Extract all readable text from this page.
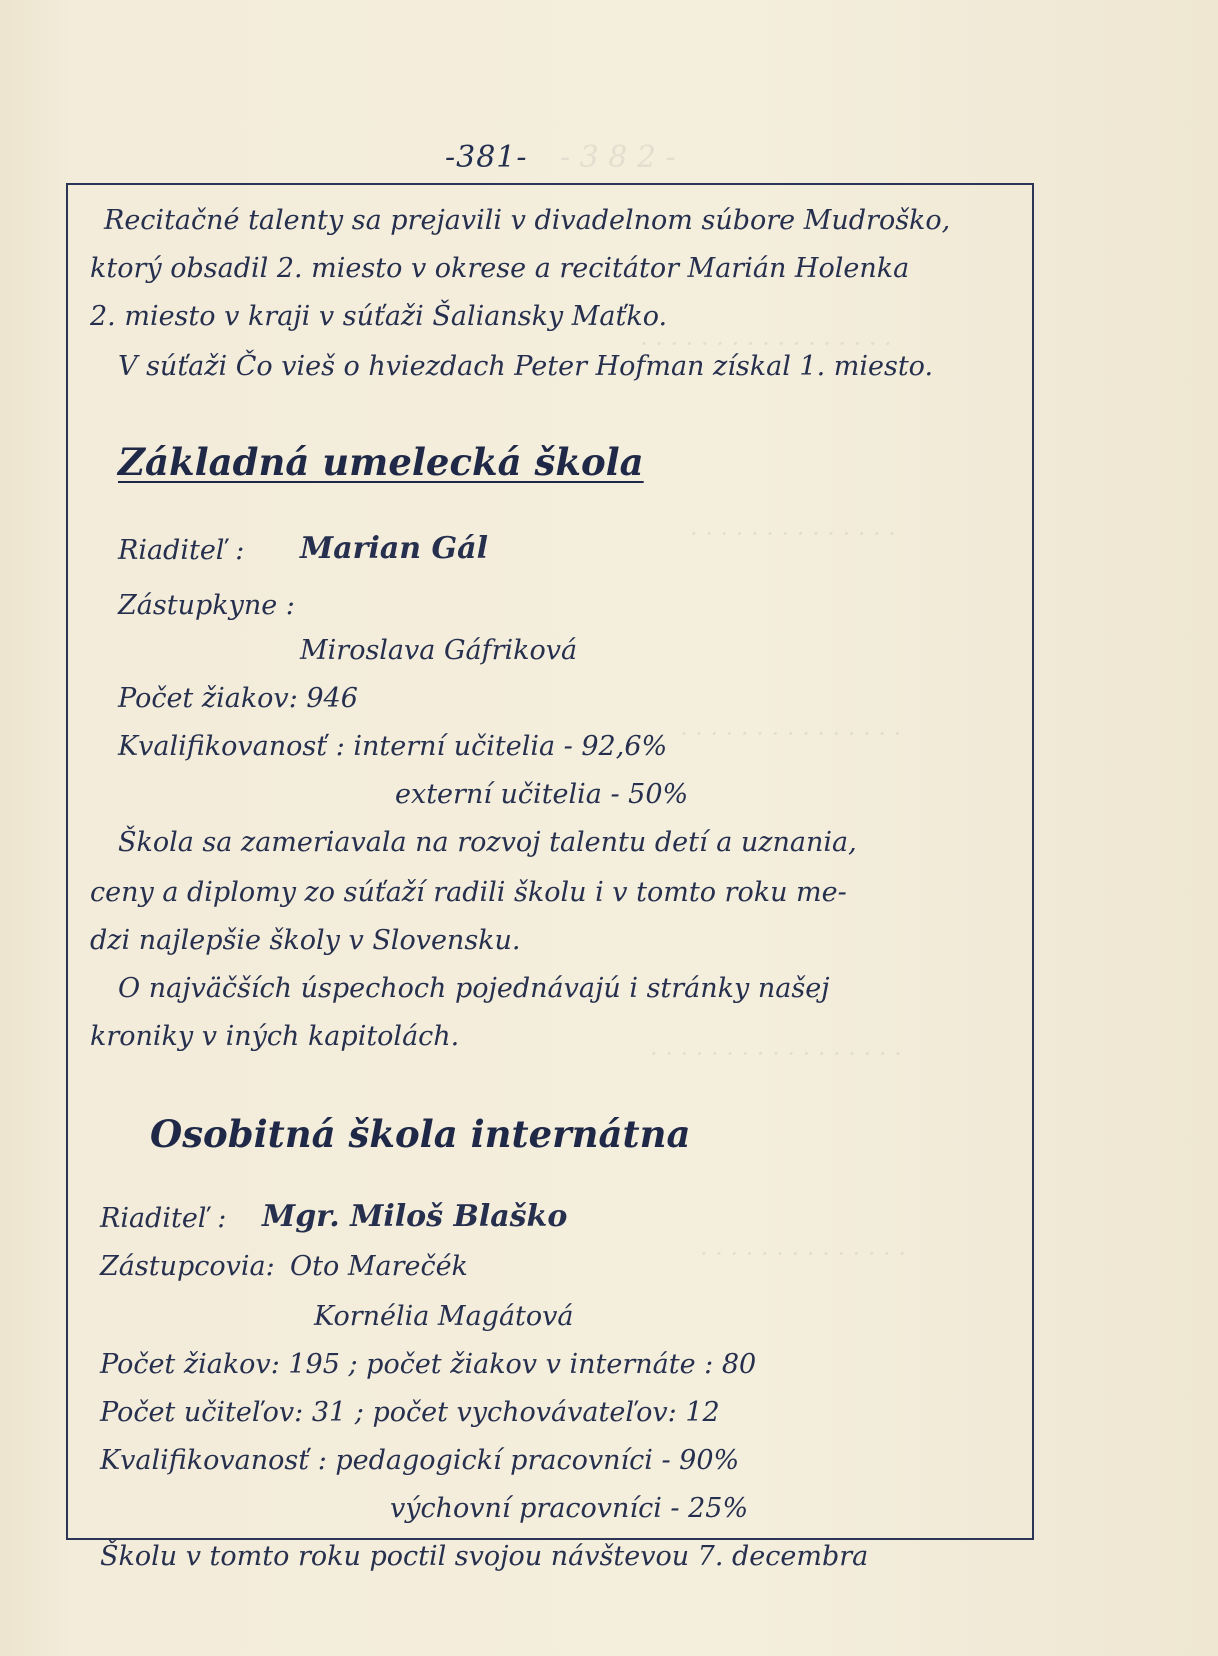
- 3 8 2 -
· · · · · · · · · · · · · · · · ·
· · · · · · · · · · · · · ·
· · · · · · · · · · · · · · ·
· · · · · · · · · · · · · · · · ·
· · · · · · · · · · · · · ·
-381-
Recitačné talenty sa prejavili v divadelnom súbore Mudroško,
ktorý obsadil 2. miesto v okrese a recitátor Marián Holenka
2. miesto v kraji v súťaži Šaliansky Maťko.
V súťaži Čo vieš o hviezdach Peter Hofman získal 1. miesto.
Základná umelecká škola
Riaditeľ : Marian Gál
Zástupkyne :
Miroslava Gáfriková
Počet žiakov: 946
Kvalifikovanosť : interní učitelia - 92,6%
externí učitelia - 50%
Škola sa zameriavala na rozvoj talentu detí a uznania,
ceny a diplomy zo súťaží radili školu i v tomto roku me-
dzi najlepšie školy v Slovensku.
O najväčších úspechoch pojednávajú i stránky našej
kroniky v iných kapitolách.
Osobitná škola internátna
Riaditeľ : Mgr. Miloš Blaško
Zástupcovia: Oto Marečék
Kornélia Magátová
Počet žiakov: 195 ; počet žiakov v internáte : 80
Počet učiteľov: 31 ; počet vychovávateľov: 12
Kvalifikovanosť : pedagogickí pracovníci - 90%
výchovní pracovníci - 25%
Školu v tomto roku poctil svojou návštevou 7. decembra
